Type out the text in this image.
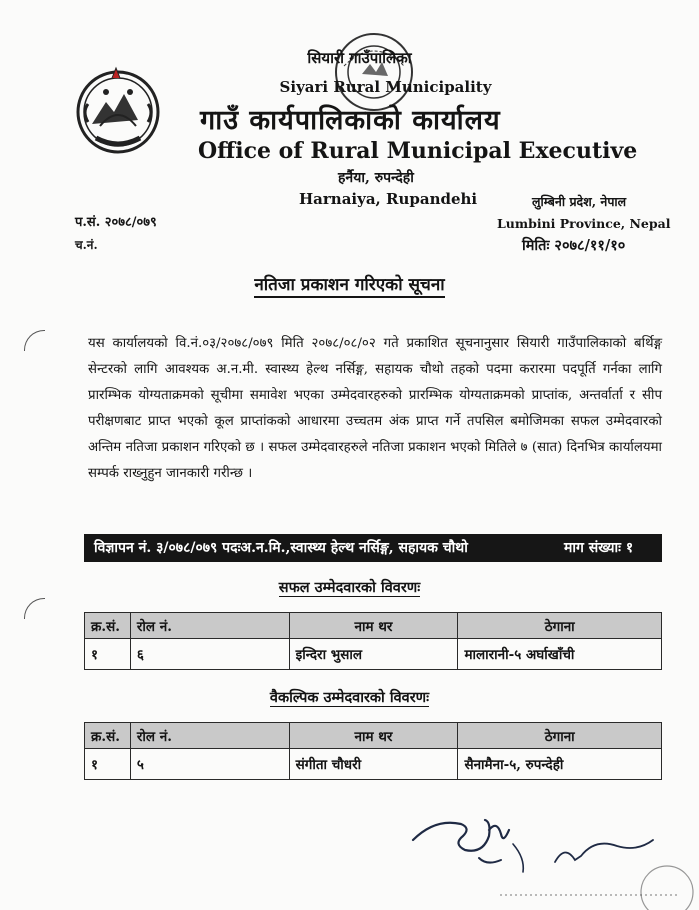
सियारी गाउँपालिका
Siyari Rural Municipality
गाउँ कार्यपालिकाको कार्यालय
Office of Rural Municipal Executive
हर्नैया, रुपन्देही
Harnaiya, Rupandehi	लुम्बिनी प्रदेश, नेपाल
Lumbini Province, Nepal
मितिः २०७८/११/१०
प.सं. २०७८/०७९
च.नं.
नतिजा प्रकाशन गरिएको सूचना
यस कार्यालयको वि.नं.०३/२०७८/०७९ मिति २०७८/०८/०२ गते प्रकाशित सूचनानुसार सियारी गाउँपालिकाको बर्थिङ्ग सेन्टरको लागि आवश्यक अ.न.मी. स्वास्थ्य हेल्थ नर्सिङ्ग, सहायक चौथो तहको पदमा करारमा पदपूर्ति गर्नका लागि प्रारम्भिक योग्यताक्रमको सूचीमा समावेश भएका उम्मेदवारहरुको प्रारम्भिक योग्यताक्रमको प्राप्तांक, अन्तर्वार्ता र सीप परीक्षणबाट प्राप्त भएको कूल प्राप्तांकको आधारमा उच्चतम अंक प्राप्त गर्ने तपसिल बमोजिमका सफल उम्मेदवारको अन्तिम नतिजा प्रकाशन गरिएको छ । सफल उम्मेदवारहरुले नतिजा प्रकाशन भएको मितिले ७ (सात) दिनभित्र कार्यालयमा सम्पर्क राख्नुहुन जानकारी गरीन्छ ।
विज्ञापन नं. ३/०७८/०७९ पदःअ.न.मि.,स्वास्थ्य हेल्थ नर्सिङ्ग, सहायक चौथो	माग संख्याः १
सफल उम्मेदवारको विवरणः
क्र.सं.	रोल नं.	नाम थर	ठेगाना
१	६	इन्दिरा भुसाल	मालारानी-५ अर्घाखाँची
वैकल्पिक उम्मेदवारको विवरणः
क्र.सं.	रोल नं.	नाम थर	ठेगाना
१	५	संगीता चौधरी	सैनामैना-५, रुपन्देही
